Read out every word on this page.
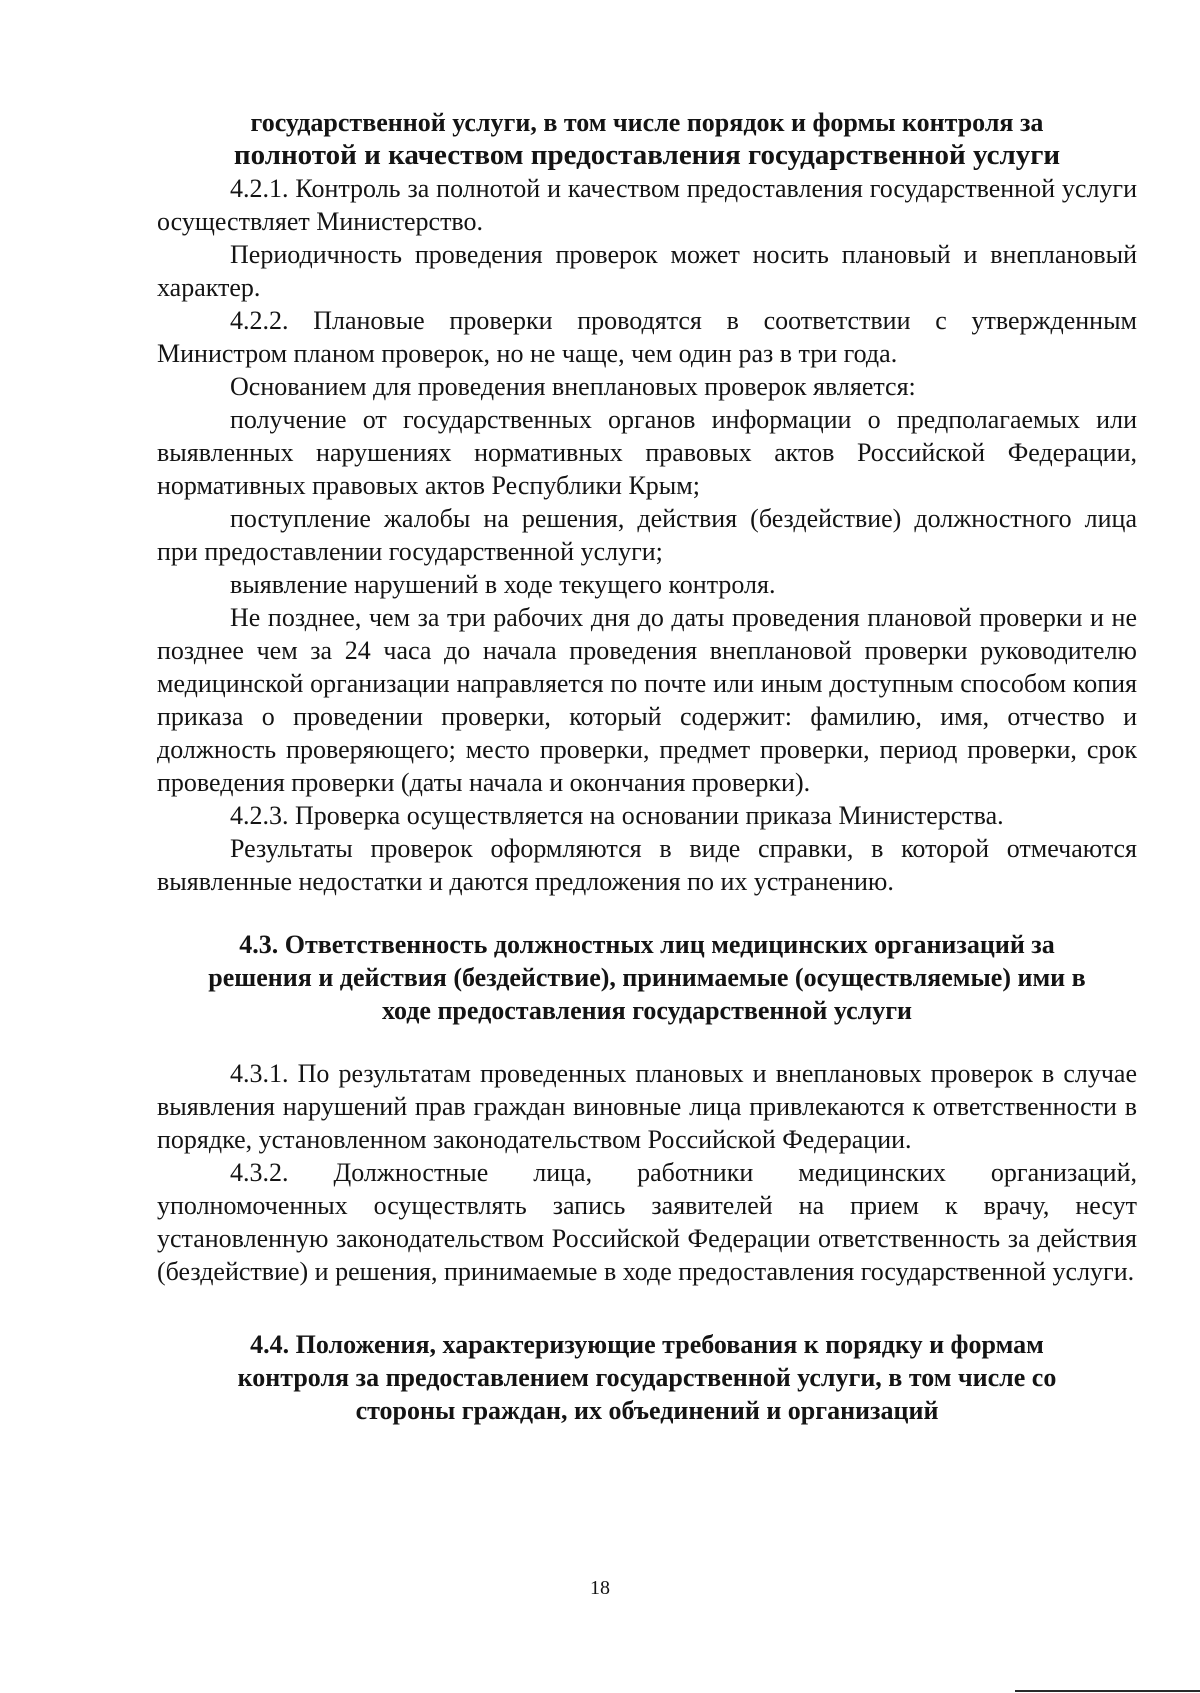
государственной услуги, в том числе порядок и формы контроля за
полнотой и качеством предоставления государственной услуги

4.2.1. Контроль за полнотой и качеством предоставления государственной услуги осуществляет Министерство.

Периодичность проведения проверок может носить плановый и внеплановый характер.

4.2.2. Плановые проверки проводятся в соответствии с утвержденным Министром планом проверок, но не чаще, чем один раз в три года.

Основанием для проведения внеплановых проверок является:

получение от государственных органов информации о предполагаемых или выявленных нарушениях нормативных правовых актов Российской Федерации, нормативных правовых актов Республики Крым;

поступление жалобы на решения, действия (бездействие) должностного лица при предоставлении государственной услуги;

выявление нарушений в ходе текущего контроля.

Не позднее, чем за три рабочих дня до даты проведения плановой проверки и не позднее чем за 24 часа до начала проведения внеплановой проверки руководителю медицинской организации направляется по почте или иным доступным способом копия приказа о проведении проверки, который содержит: фамилию, имя, отчество и должность проверяющего; место проверки, предмет проверки, период проверки, срок проведения проверки (даты начала и окончания проверки).

4.2.3. Проверка осуществляется на основании приказа Министерства.

Результаты проверок оформляются в виде справки, в которой отмечаются выявленные недостатки и даются предложения по их устранению.

4.3. Ответственность должностных лиц медицинских организаций за
решения и действия (бездействие), принимаемые (осуществляемые) ими в
ходе предоставления государственной услуги

4.3.1. По результатам проведенных плановых и внеплановых проверок в случае выявления нарушений прав граждан виновные лица привлекаются к ответственности в порядке, установленном законодательством Российской Федерации.

4.3.2. Должностные лица, работники медицинских организаций, уполномоченных осуществлять запись заявителей на прием к врачу, несут установленную законодательством Российской Федерации ответственность за действия (бездействие) и решения, принимаемые в ходе предоставления государственной услуги.

4.4. Положения, характеризующие требования к порядку и формам
контроля за предоставлением государственной услуги, в том числе со
стороны граждан, их объединений и организаций
18
